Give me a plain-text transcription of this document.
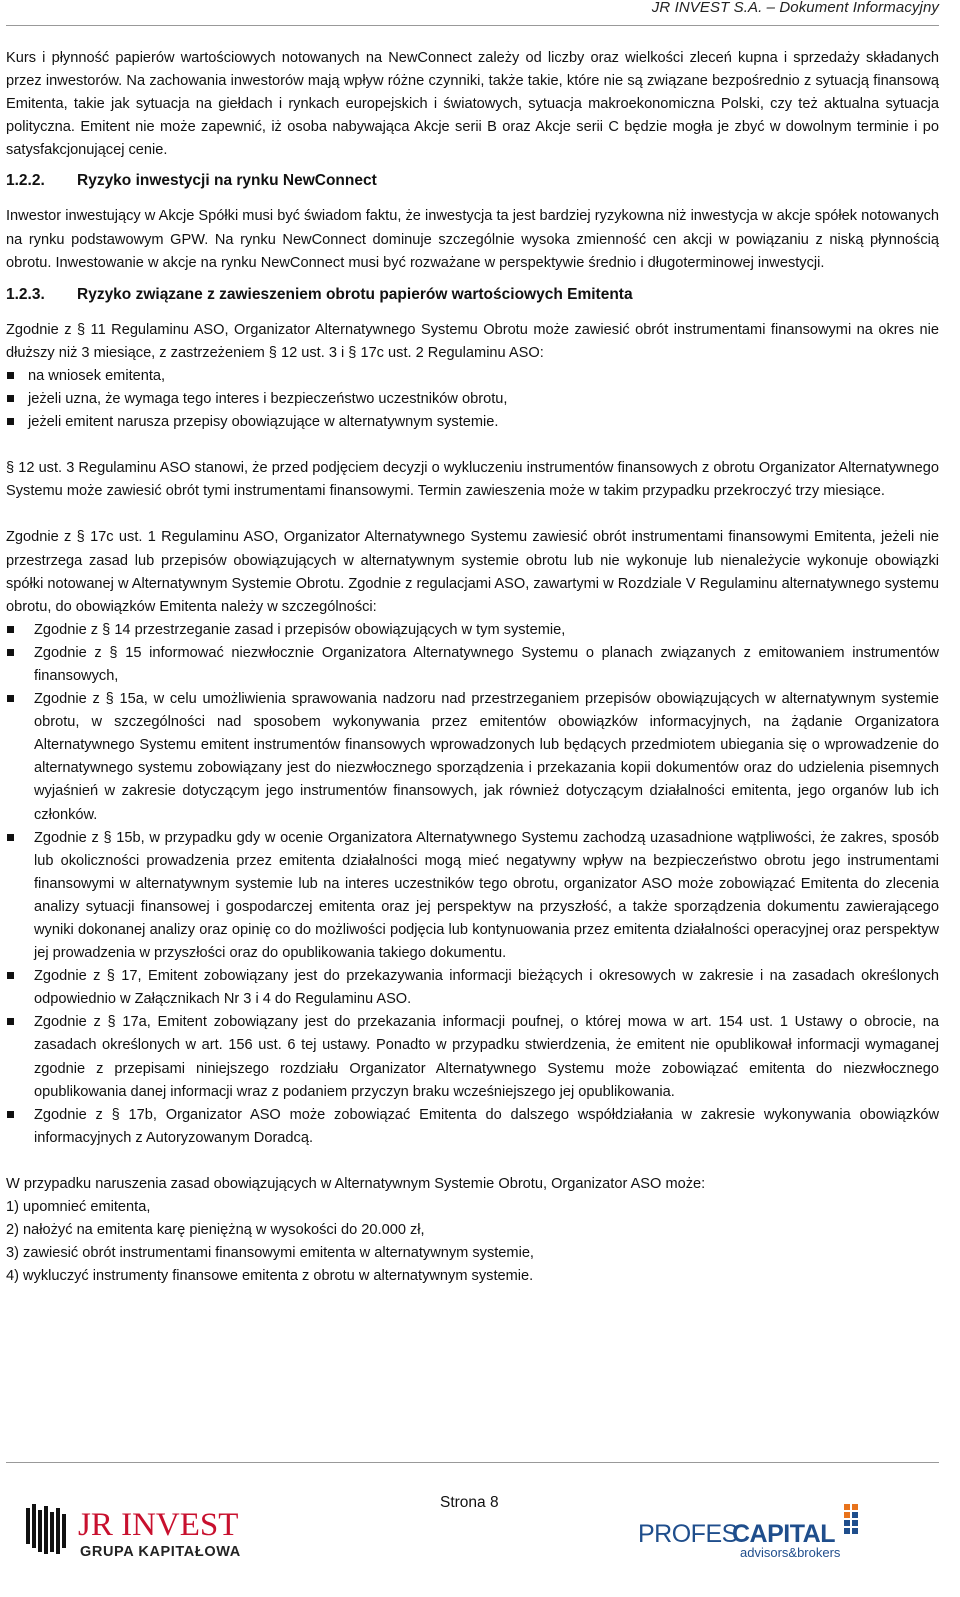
JR INVEST S.A. – Dokument Informacyjny

Kurs i płynność papierów wartościowych notowanych na NewConnect zależy od liczby oraz wielkości zleceń kupna i sprzedaży składanych przez inwestorów. Na zachowania inwestorów mają wpływ różne czynniki, także takie, które nie są związane bezpośrednio z sytuacją finansową Emitenta, takie jak sytuacja na giełdach i rynkach europejskich i światowych, sytuacja makroekonomiczna Polski, czy też aktualna sytuacja polityczna. Emitent nie może zapewnić, iż osoba nabywająca Akcje serii B oraz Akcje serii C będzie mogła je zbyć w dowolnym terminie i po satysfakcjonującej cenie.

1.2.2.	Ryzyko inwestycji na rynku NewConnect

Inwestor inwestujący w Akcje Spółki musi być świadom faktu, że inwestycja ta jest bardziej ryzykowna niż inwestycja w akcje spółek notowanych na rynku podstawowym GPW. Na rynku NewConnect dominuje szczególnie wysoka zmienność cen akcji w powiązaniu z niską płynnością obrotu. Inwestowanie w akcje na rynku NewConnect musi być rozważane w perspektywie średnio i długoterminowej inwestycji.

1.2.3.	Ryzyko związane z zawieszeniem obrotu papierów wartościowych Emitenta

Zgodnie z § 11 Regulaminu ASO, Organizator Alternatywnego Systemu Obrotu może zawiesić obrót instrumentami finansowymi na okres nie dłuższy niż 3 miesiące, z zastrzeżeniem § 12 ust. 3 i § 17c ust. 2 Regulaminu ASO:

na wniosek emitenta,
jeżeli uzna, że wymaga tego interes i bezpieczeństwo uczestników obrotu,
jeżeli emitent narusza przepisy obowiązujące w alternatywnym systemie.

§ 12 ust. 3 Regulaminu ASO stanowi, że przed podjęciem decyzji o wykluczeniu instrumentów finansowych z obrotu Organizator Alternatywnego Systemu może zawiesić obrót tymi instrumentami finansowymi. Termin zawieszenia może w takim przypadku przekroczyć trzy miesiące.

Zgodnie z § 17c ust. 1 Regulaminu ASO, Organizator Alternatywnego Systemu zawiesić obrót instrumentami finansowymi Emitenta, jeżeli nie przestrzega zasad lub przepisów obowiązujących w alternatywnym systemie obrotu lub nie wykonuje lub nienależycie wykonuje obowiązki spółki notowanej w Alternatywnym Systemie Obrotu. Zgodnie z regulacjami ASO, zawartymi w Rozdziale V Regulaminu alternatywnego systemu obrotu, do obowiązków Emitenta należy w szczególności:

Zgodnie z § 14 przestrzeganie zasad i przepisów obowiązujących w tym systemie,
Zgodnie z § 15 informować niezwłocznie Organizatora Alternatywnego Systemu o planach związanych z emitowaniem instrumentów finansowych,
Zgodnie z § 15a, w celu umożliwienia sprawowania nadzoru nad przestrzeganiem przepisów obowiązujących w alternatywnym systemie obrotu, w szczególności nad sposobem wykonywania przez emitentów obowiązków informacyjnych, na żądanie Organizatora Alternatywnego Systemu emitent instrumentów finansowych wprowadzonych lub będących przedmiotem ubiegania się o wprowadzenie do alternatywnego systemu zobowiązany jest do niezwłocznego sporządzenia i przekazania kopii dokumentów oraz do udzielenia pisemnych wyjaśnień w zakresie dotyczącym jego instrumentów finansowych, jak również dotyczącym działalności emitenta, jego organów lub ich członków.
Zgodnie z § 15b, w przypadku gdy w ocenie Organizatora Alternatywnego Systemu zachodzą uzasadnione wątpliwości, że zakres, sposób lub okoliczności prowadzenia przez emitenta działalności mogą mieć negatywny wpływ na bezpieczeństwo obrotu jego instrumentami finansowymi w alternatywnym systemie lub na interes uczestników tego obrotu, organizator ASO może zobowiązać Emitenta do zlecenia analizy sytuacji finansowej i gospodarczej emitenta oraz jej perspektyw na przyszłość, a także sporządzenia dokumentu zawierającego wyniki dokonanej analizy oraz opinię co do możliwości podjęcia lub kontynuowania przez emitenta działalności operacyjnej oraz perspektyw jej prowadzenia w przyszłości oraz do opublikowania takiego dokumentu.
Zgodnie z § 17, Emitent zobowiązany jest do przekazywania informacji bieżących i okresowych w zakresie i na zasadach określonych odpowiednio w Załącznikach Nr 3 i 4 do Regulaminu ASO.
Zgodnie z § 17a, Emitent zobowiązany jest do przekazania informacji poufnej, o której mowa w art. 154 ust. 1 Ustawy o obrocie, na zasadach określonych w art. 156 ust. 6 tej ustawy. Ponadto w przypadku stwierdzenia, że emitent nie opublikował informacji wymaganej zgodnie z przepisami niniejszego rozdziału Organizator Alternatywnego Systemu może zobowiązać emitenta do niezwłocznego opublikowania danej informacji wraz z podaniem przyczyn braku wcześniejszego jej opublikowania.
Zgodnie z § 17b, Organizator ASO może zobowiązać Emitenta do dalszego współdziałania w zakresie wykonywania obowiązków informacyjnych z Autoryzowanym Doradcą.

W przypadku naruszenia zasad obowiązujących w Alternatywnym Systemie Obrotu, Organizator ASO może:

1) upomnieć emitenta,
2) nałożyć na emitenta karę pieniężną w wysokości do 20.000 zł,
3) zawiesić obrót instrumentami finansowymi emitenta w alternatywnym systemie,
4) wykluczyć instrumenty finansowe emitenta z obrotu w alternatywnym systemie.
Strona 8
JR INVEST
GRUPA KAPITAŁOWA
PROFES
CAPITAL
advisors&brokers
